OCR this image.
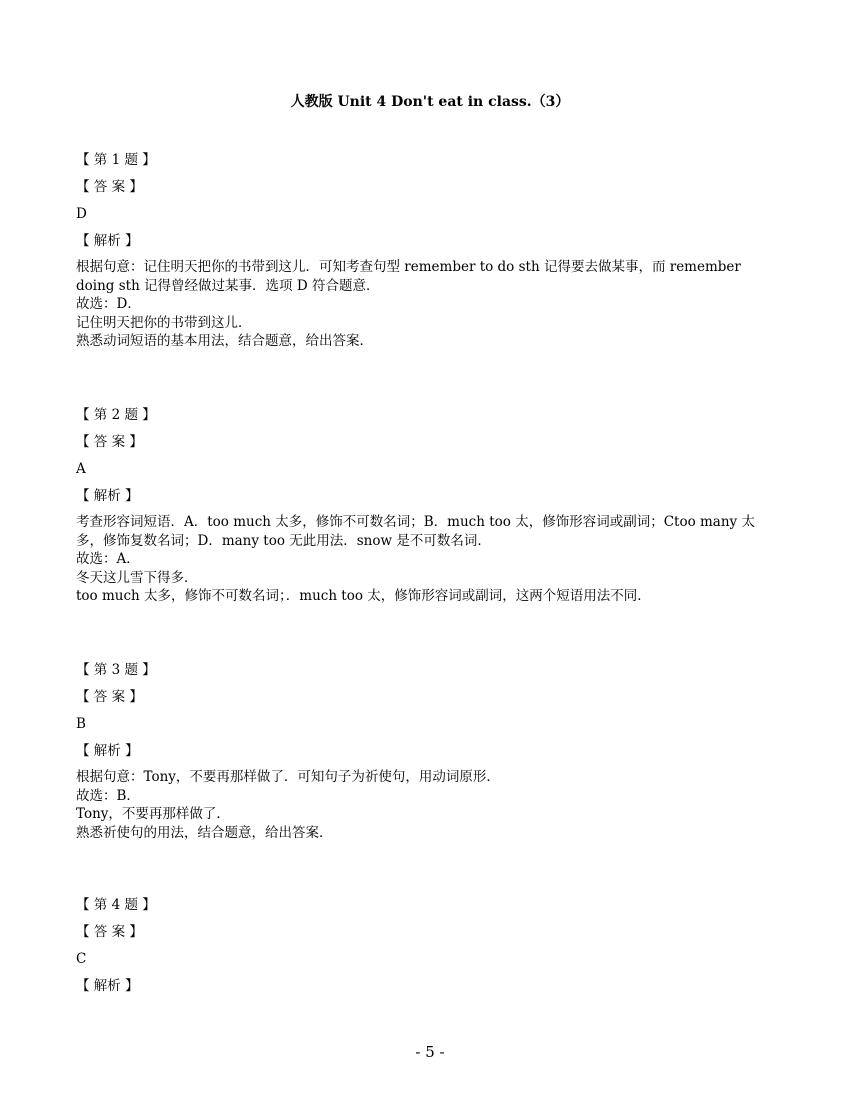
人教版 Unit 4 Don't eat in class.（3）
【 第 1 题 】
【 答 案 】
D
【 解析 】
根据句意：记住明天把你的书带到这儿．可知考查句型 remember to do sth 记得要去做某事，而 remember
doing sth 记得曾经做过某事．选项 D 符合题意．
故选：D．
记住明天把你的书带到这儿．
熟悉动词短语的基本用法，结合题意，给出答案．
【 第 2 题 】
【 答 案 】
A
【 解析 】
考查形容词短语．A．too much 太多，修饰不可数名词；B．much too 太，修饰形容词或副词；Ctoo many 太
多，修饰复数名词；D．many too 无此用法．snow 是不可数名词．
故选：A．
冬天这儿雪下得多．
too much 太多，修饰不可数名词；．much too 太，修饰形容词或副词，这两个短语用法不同．
【 第 3 题 】
【 答 案 】
B
【 解析 】
根据句意：Tony，不要再那样做了．可知句子为祈使句，用动词原形．
故选：B．
Tony，不要再那样做了．
熟悉祈使句的用法，结合题意，给出答案．
【 第 4 题 】
【 答 案 】
C
【 解析 】
- 5 -
